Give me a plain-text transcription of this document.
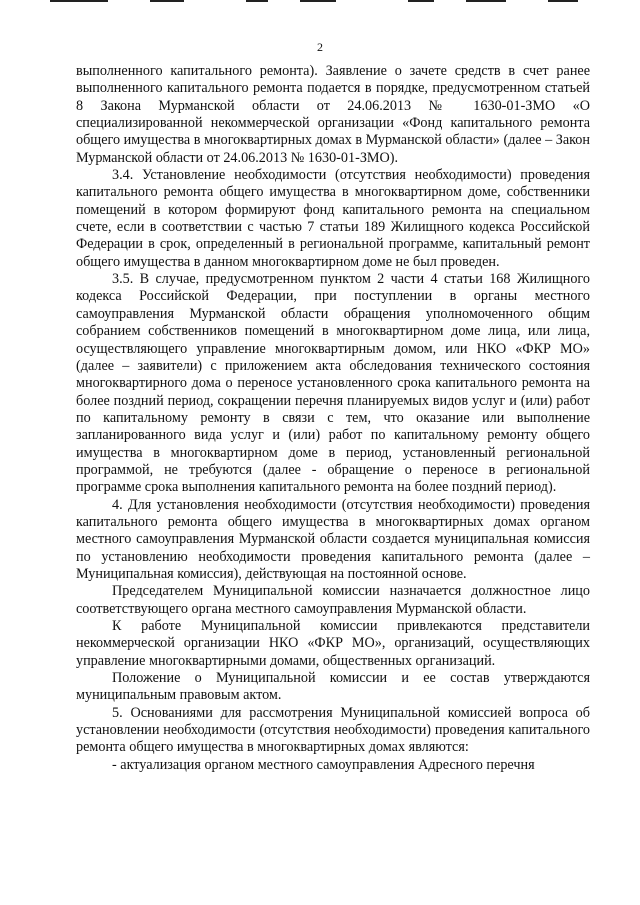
2

выполненного капитального ремонта). Заявление о зачете средств в счет ранее выполненного капитального ремонта подается в порядке, предусмотренном статьей 8 Закона Мурманской области от 24.06.2013 № 1630-01-ЗМО «О специализированной некоммерческой организации «Фонд капитального ремонта общего имущества в многоквартирных домах в Мурманской области» (далее – Закон Мурманской области от 24.06.2013 № 1630-01-ЗМО).

3.4. Установление необходимости (отсутствия необходимости) проведения капитального ремонта общего имущества в многоквартирном доме, собственники помещений в котором формируют фонд капитального ремонта на специальном счете, если в соответствии с частью 7 статьи 189 Жилищного кодекса Российской Федерации в срок, определенный в региональной программе, капитальный ремонт общего имущества в данном многоквартирном доме не был проведен.

3.5. В случае, предусмотренном пунктом 2 части 4 статьи 168 Жилищного кодекса Российской Федерации, при поступлении в органы местного самоуправления Мурманской области обращения уполномоченного общим собранием собственников помещений в многоквартирном доме лица, или лица, осуществляющего управление многоквартирным домом, или НКО «ФКР МО» (далее – заявители) с приложением акта обследования технического состояния многоквартирного дома о переносе установленного срока капитального ремонта на более поздний период, сокращении перечня планируемых видов услуг и (или) работ по капитальному ремонту в связи с тем, что оказание или выполнение запланированного вида услуг и (или) работ по капитальному ремонту общего имущества в многоквартирном доме в период, установленный региональной программой, не требуются (далее - обращение о переносе в региональной программе срока выполнения капитального ремонта на более поздний период).

4. Для установления необходимости (отсутствия необходимости) проведения капитального ремонта общего имущества в многоквартирных домах органом местного самоуправления Мурманской области создается муниципальная комиссия по установлению необходимости проведения капитального ремонта (далее – Муниципальная комиссия), действующая на постоянной основе.

Председателем Муниципальной комиссии назначается должностное лицо соответствующего органа местного самоуправления Мурманской области.

К работе Муниципальной комиссии привлекаются представители некоммерческой организации НКО «ФКР МО», организаций, осуществляющих управление многоквартирными домами, общественных организаций.

Положение о Муниципальной комиссии и ее состав утверждаются муниципальным правовым актом.

5. Основаниями для рассмотрения Муниципальной комиссией вопроса об установлении необходимости (отсутствия необходимости) проведения капитального ремонта общего имущества в многоквартирных домах являются:

- актуализация органом местного самоуправления Адресного перечня
